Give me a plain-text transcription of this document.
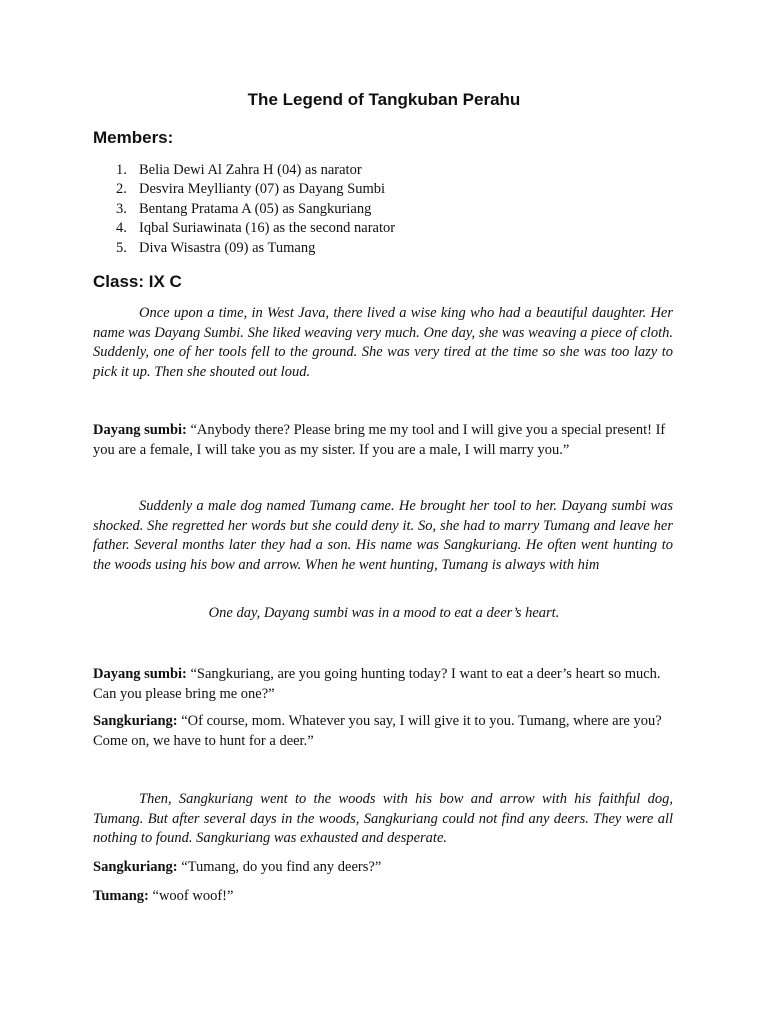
The Legend of Tangkuban Perahu
Members:
1. Belia Dewi Al Zahra H (04) as narator
2. Desvira Meyllianty (07) as Dayang Sumbi
3. Bentang Pratama A (05) as Sangkuriang
4. Iqbal Suriawinata (16) as the second narator
5. Diva Wisastra (09) as Tumang
Class: IX C

Once upon a time, in West Java, there lived a wise king who had a beautiful daughter. Her name was Dayang Sumbi. She liked weaving very much. One day, she was weaving a piece of cloth. Suddenly, one of her tools fell to the ground. She was very tired at the time so she was too lazy to pick it up. Then she shouted out loud.

Dayang sumbi: “Anybody there? Please bring me my tool and I will give you a special present! If you are a female, I will take you as my sister. If you are a male, I will marry you.”

Suddenly a male dog named Tumang came. He brought her tool to her. Dayang sumbi was shocked. She regretted her words but she could deny it. So, she had to marry Tumang and leave her father. Several months later they had a son. His name was Sangkuriang. He often went hunting to the woods using his bow and arrow. When he went hunting, Tumang is always with him

One day, Dayang sumbi was in a mood to eat a deer’s heart.

Dayang sumbi: “Sangkuriang, are you going hunting today? I want to eat a deer’s heart so much. Can you please bring me one?”

Sangkuriang: “Of course, mom. Whatever you say, I will give it to you. Tumang, where are you? Come on, we have to hunt for a deer.”

Then, Sangkuriang went to the woods with his bow and arrow with his faithful dog, Tumang. But after several days in the woods, Sangkuriang could not find any deers. They were all nothing to found. Sangkuriang was exhausted and desperate.

Sangkuriang: “Tumang, do you find any deers?”

Tumang: “woof woof!”
